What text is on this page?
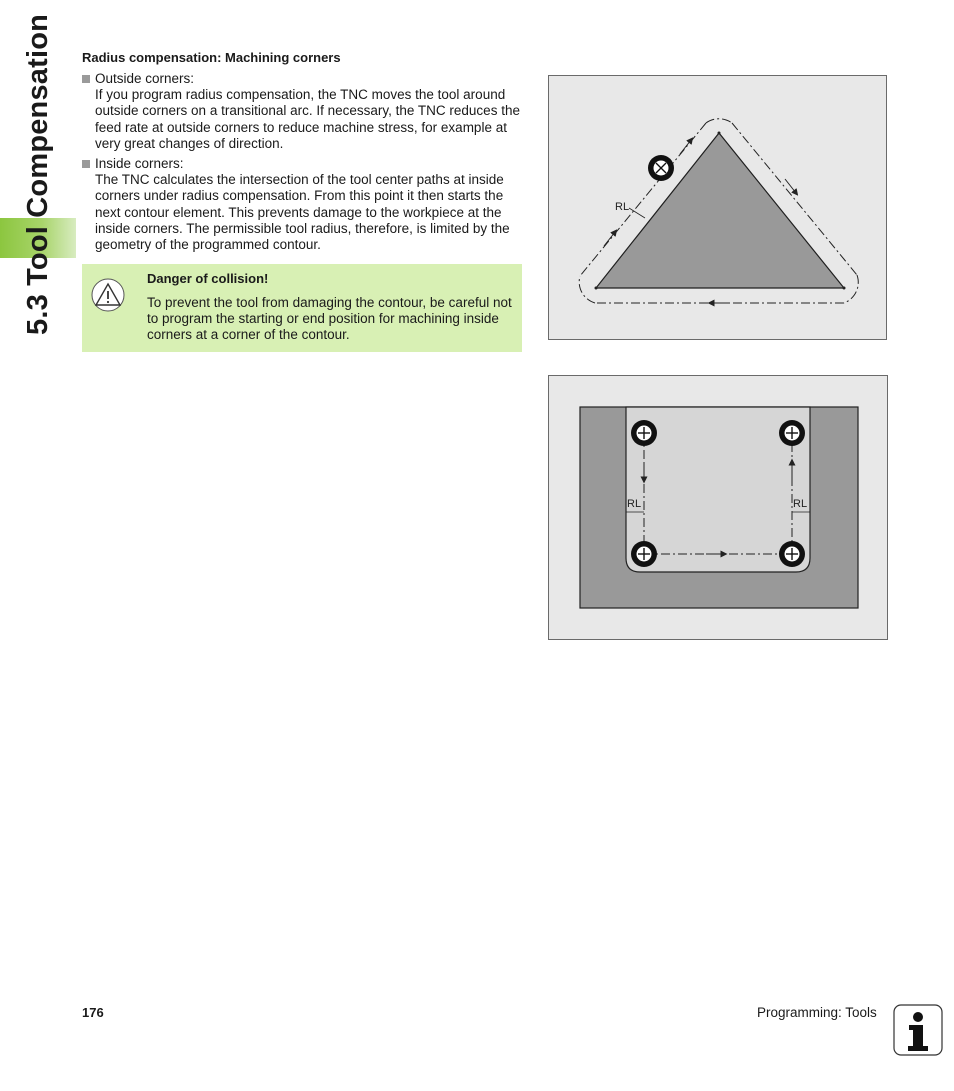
5.3 Tool Compensation Radius compensation: Machining corners
Outside corners:
If you program radius compensation, the TNC moves the tool around outside corners on a transitional arc. If necessary, the TNC reduces the feed rate at outside corners to reduce machine stress, for example at very great changes of direction.
Inside corners:
The TNC calculates the intersection of the tool center paths at inside corners under radius compensation. From this point it then starts the next contour element. This prevents damage to the workpiece at the inside corners. The permissible tool radius, therefore, is limited by the geometry of the programmed contour.
Danger of collision!
To prevent the tool from damaging the contour, be careful not to program the starting or end position for machining inside corners at a corner of the contour.
RL
RL	RL
176	Programming: Tools
